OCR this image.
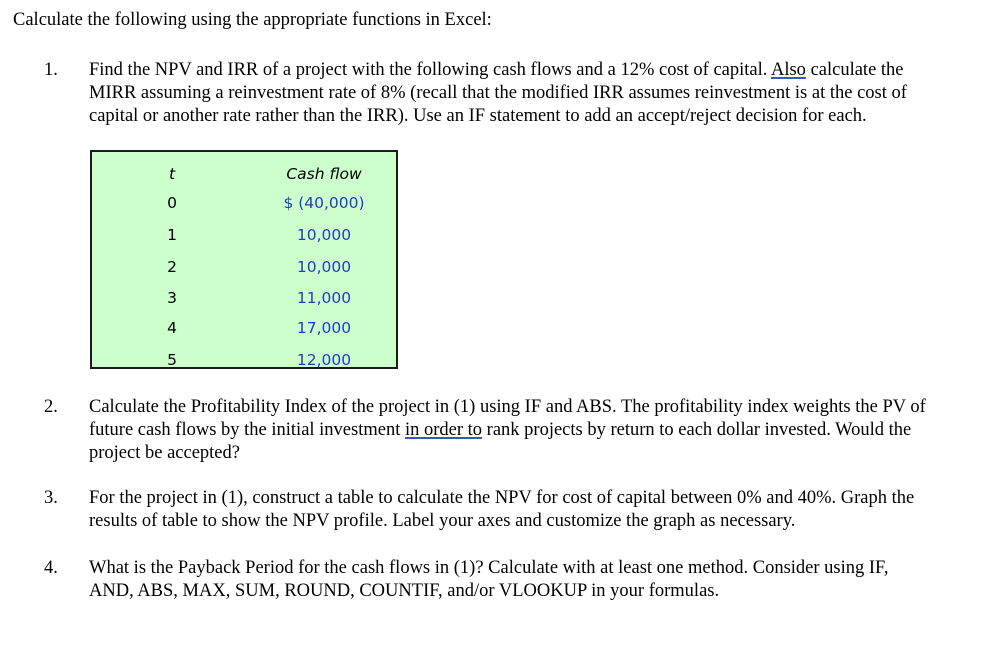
Calculate the following using the appropriate functions in Excel:
1.	Find the NPV and IRR of a project with the following cash flows and a 12% cost of capital. Also calculate the
MIRR assuming a reinvestment rate of 8% (recall that the modified IRR assumes reinvestment is at the cost of
capital or another rate rather than the IRR). Use an IF statement to add an accept/reject decision for each.
t	Cash flow
0	$ (40,000)
1	10,000
2	10,000
3	11,000
4	17,000
5	12,000
2.	Calculate the Profitability Index of the project in (1) using IF and ABS. The profitability index weights the PV of
future cash flows by the initial investment in order to rank projects by return to each dollar invested. Would the
project be accepted?
3.	For the project in (1), construct a table to calculate the NPV for cost of capital between 0% and 40%. Graph the
results of table to show the NPV profile. Label your axes and customize the graph as necessary.
4.	What is the Payback Period for the cash flows in (1)? Calculate with at least one method. Consider using IF,
AND, ABS, MAX, SUM, ROUND, COUNTIF, and/or VLOOKUP in your formulas.
